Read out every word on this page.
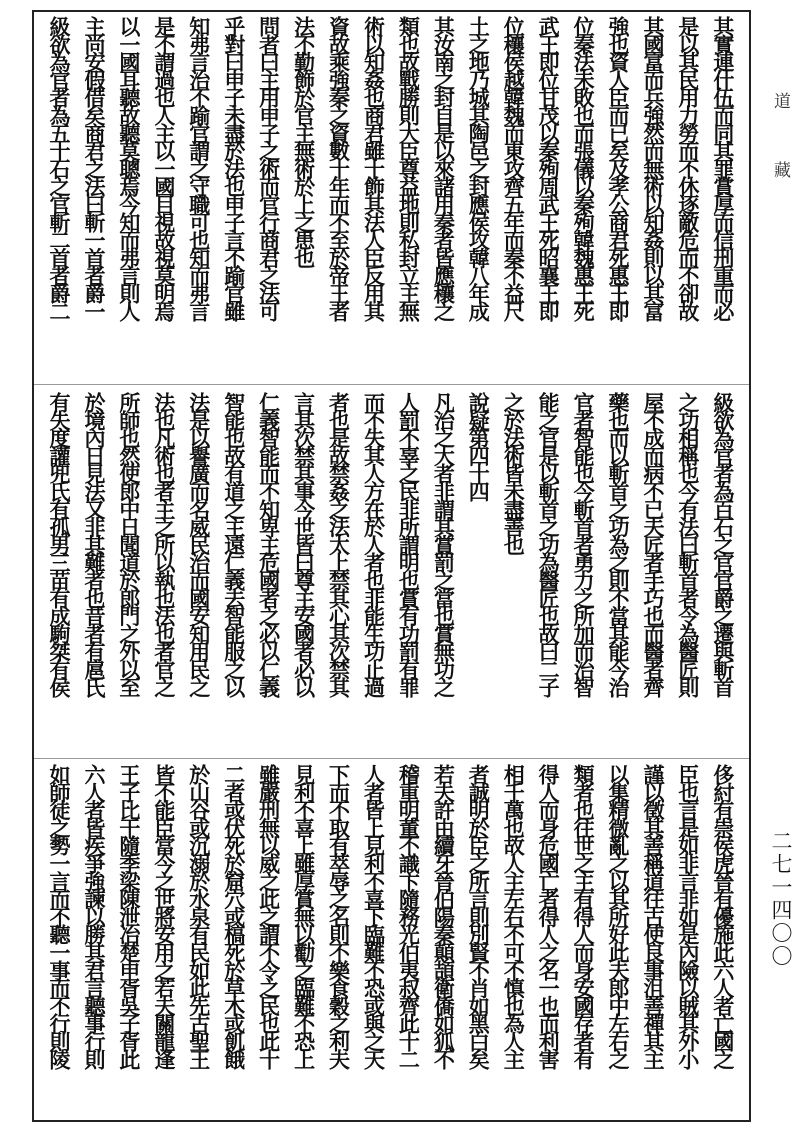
其實連什伍而同其罪賞厚而信刑重而必
是以其民用力勞而不休逐敵危而不卻故
其國富而兵強然而無術以知姦則以其富
強也資人臣而已矣及孝公商君死惠王即
位秦法未敗也而張儀以秦殉韓魏惠王死
武王即位甘茂以秦殉周武王死昭襄王即
位穰侯越韓魏而東攻齊五年而秦不益尺
土之地乃城其陶邑之封應侯攻韓八年成
其汝南之封自是以來諸用秦者皆應穰之
類也故戰勝則大臣尊益地則私封立主無
術以知姦也商君雖十飾其法人臣反用其
資故乘強秦之資數十年而不至於帝王者
法不勤飾於官主無術於上之患也
問者曰主用申子之術而官行商君之法可
乎對曰申子未盡於法也申子言不踰官雖
知弗言治不踰官謂之守職可也知而弗言
是不謂過也人主以一國目視故視莫明焉
以一國耳聽故聽莫聰焉今知而弗言則人
主尚安假借矣商君之法曰斬一首者爵一
級欲為官者為五十石之官斬二首者爵二
級欲為官者為百石之官官爵之遷與斬首
之功相稱也今有法曰斬首者令為醫匠則
屋不成而病不已夫匠者手巧也而醫者齊
藥也而以斬首之功為之則不當其能今治
官者智能也今斬首者勇力之所加而治智
能之官是以斬首之功為醫匠也故曰二子
之於法術皆未盡善也
說疑第四十四
凡治之大者非謂其賞罰之當也賞無功之
人罰不辜之民非所謂明也賞有功罰有罪
而不失其人方在於人者也非能生功止過
者也是故禁姦之法太上禁其心其次禁其
言其次禁其事今世皆曰尊主安國者必以
仁義智能而不知卑主危國者之必以仁義
智能也故有道之主遠仁義去智能服之以
法是以譽廣而名威民治而國安知用民之
法也凡術也者主之所以執也法也者官之
所師也然使郎中日聞道於郎門之外以至
於境內日見法又非其難者也昔者有扈氏
有失度讙兜氏有孤男三苗有成駒桀有侯
侈紂有崇侯虎晉有優施此六人者亡國之
臣也言是如非言非如是內險以賊其外小
謹以徵其善稱道往古使良事沮善禪其主
以集精微亂之以其所好此夫郎中左右之
類者也往世之主有得人而身安國存者有
得人而身危國亡者得人之名一也而利害
相千萬也故人主左右不可不慎也為人主
者誠明於臣之所言則別賢不肖如黑白矣
若夫許由續牙晉伯陽秦顛頡衛僑如狐不
稽重明董不識卞隨務光伯夷叔齊此十二
人者皆上見利不喜下臨難不恐或與之天
下而不取有萃辱之名則不樂食穀之利夫
見利不喜上雖厚賞無以勸之臨難不恐上
雖嚴刑無以威之此之謂不令之民也此十
二者或伏死於窟穴或槁死於草木或飢餓
於山谷或沉溺於水泉有民如此先古聖王
皆不能臣當今之世將安用之若夫關龍逢
王子比干隨季梁陳泄冶楚申胥吳子胥此
六人者皆疾爭強諫以勝其君言聽事行則
如師徒之勢一言而不聽一事而不行則陵
道藏
二七一四〇〇
